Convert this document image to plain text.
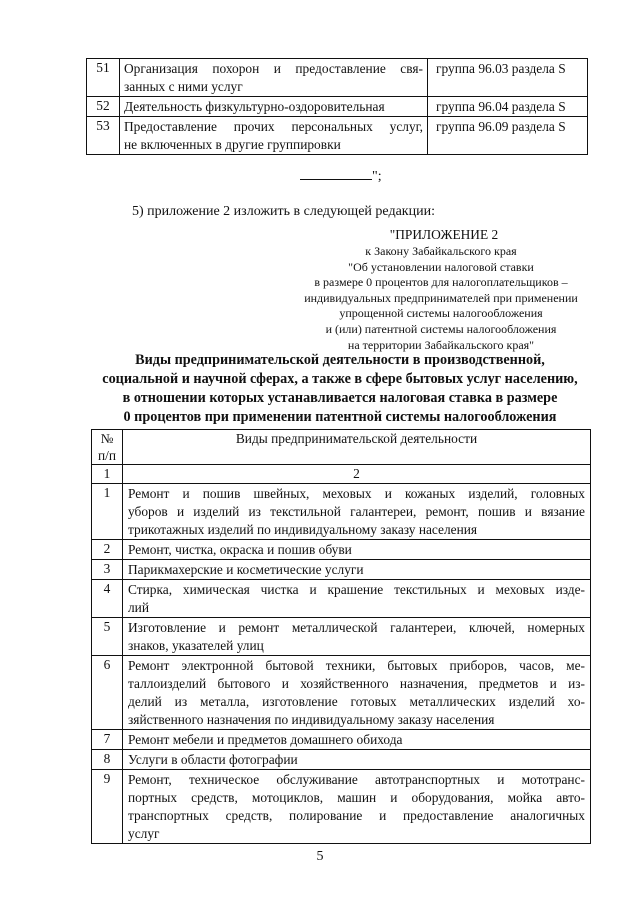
51	Организация похорон и предоставление свя-
занных с ними услуг	группа 96.03 раздела S
52	Деятельность физкультурно-оздоровительная	группа 96.04 раздела S
53	Предоставление прочих персональных услуг,
не включенных в другие группировки	группа 96.09 раздела S
";
5) приложение 2 изложить в следующей редакции:
"ПРИЛОЖЕНИЕ 2
к Закону Забайкальского края
"Об установлении налоговой ставки
в размере 0 процентов для налогоплательщиков –
индивидуальных предпринимателей при применении
упрощенной системы налогообложения
и (или) патентной системы налогообложения
на территории Забайкальского края"
Виды предпринимательской деятельности в производственной,
социальной и научной сферах, а также в сфере бытовых услуг населению,
в отношении которых устанавливается налоговая ставка в размере
0 процентов при применении патентной системы налогообложения
№
п/п	Виды предпринимательской деятельности
1	2
1	Ремонт и пошив швейных, меховых и кожаных изделий, головных
уборов и изделий из текстильной галантереи, ремонт, пошив и вязание
трикотажных изделий по индивидуальному заказу населения

2	Ремонт, чистка, окраска и пошив обуви

3	Парикмахерские и косметические услуги

4	Стирка, химическая чистка и крашение текстильных и меховых изде-
лий

5	Изготовление и ремонт металлической галантереи, ключей, номерных
знаков, указателей улиц

6	Ремонт электронной бытовой техники, бытовых приборов, часов, ме-
таллоизделий бытового и хозяйственного назначения, предметов и из-
делий из металла, изготовление готовых металлических изделий хо-
зяйственного назначения по индивидуальному заказу населения

7	Ремонт мебели и предметов домашнего обихода

8	Услуги в области фотографии

9	Ремонт, техническое обслуживание автотранспортных и мототранс-
портных средств, мотоциклов, машин и оборудования, мойка авто-
транспортных средств, полирование и предоставление аналогичных
услуг
5
